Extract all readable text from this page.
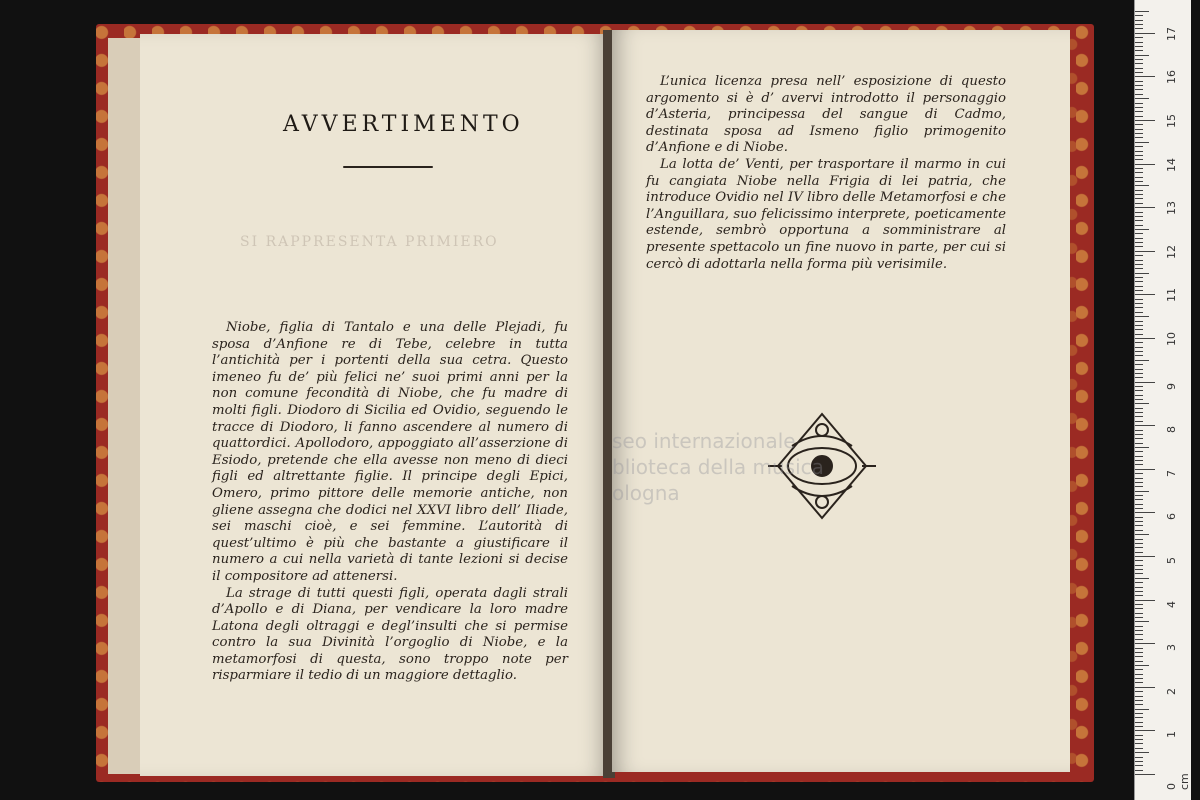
AVVERTIMENTO
SI RAPPRESENTA PRIMIERO

Niobe, figlia di Tantalo e una delle Plejadi, fu sposa d’Anfione re di Tebe, celebre in tutta l’antichità per i portenti della sua cetra. Questo imeneo fu de’ più felici ne’ suoi primi anni per la non comune fecondità di Niobe, che fu madre di molti figli. Diodoro di Sicilia ed Ovidio, seguendo le tracce di Diodoro, li fanno ascendere al numero di quattordici. Apollodoro, appoggiato all’asserzione di Esiodo, pretende che ella avesse non meno di dieci figli ed altrettante figlie. Il principe degli Epici, Omero, primo pittore delle memorie antiche, non gliene assegna che dodici nel XXVI libro dell’ Iliade, sei maschi cioè, e sei femmine. L’autorità di quest’ultimo è più che bastante a giustificare il numero a cui nella varietà di tante lezioni si decise il compositore ad attenersi.

La strage di tutti questi figli, operata dagli strali d’Apollo e di Diana, per vendicare la loro madre Latona degli oltraggi e degl’insulti che si permise contro la sua Divinità l’orgoglio di Niobe, e la metamorfosi di questa, sono troppo note per risparmiare il tedio di un maggiore dettaglio.

L’unica licenza presa nell’ esposizione di questo argomento si è d’ avervi introdotto il personaggio d’Asteria, principessa del sangue di Cadmo, destinata sposa ad Ismeno figlio primogenito d’Anfione e di Niobe.

La lotta de’ Venti, per trasportare il marmo in cui fu cangiata Niobe nella Frigia di lei patria, che introduce Ovidio nel IV libro delle Metamorfosi e che l’Anguillara, suo felicissimo interprete, poeticamente estende, sembrò opportuna a somministrare al presente spettacolo un fine nuovo in parte, per cui si cercò di adottarla nella forma più verisimile.

seo internazionale
blioteca della musica
ologna
0 cm
1
2
3
4
5
6
7
8
9
10
11
12
13
14
15
16
17
